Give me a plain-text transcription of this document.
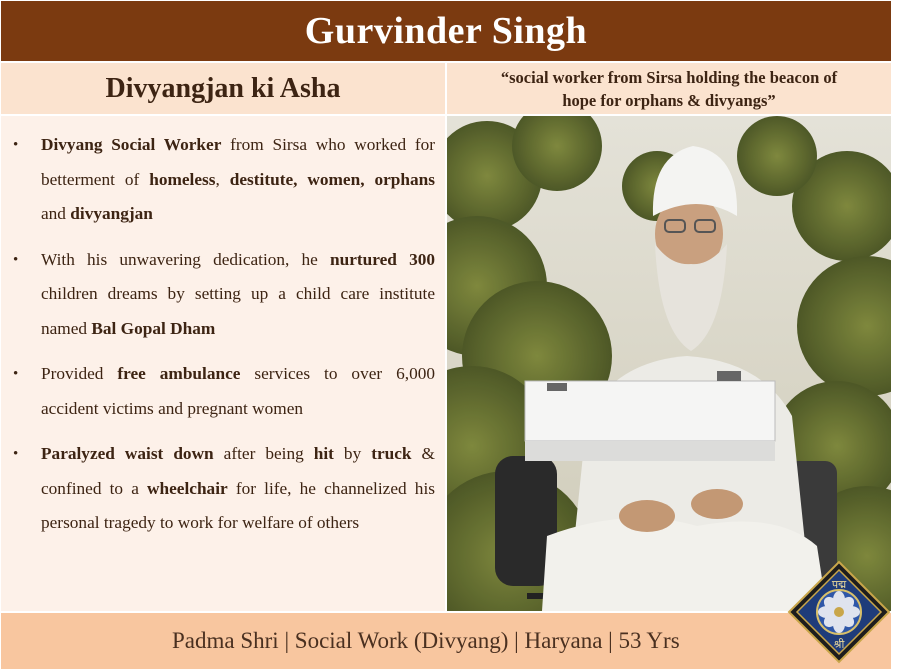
Gurvinder Singh
Divyangjan ki Asha	“social worker from Sirsa holding the beacon of
hope for orphans & divyangs”
• Divyang Social Worker from Sirsa who worked for betterment of homeless, destitute, women, orphans and divyangjan
• With his unwavering dedication, he nurtured 300 children dreams by setting up a child care institute named Bal Gopal Dham
• Provided free ambulance services to over 6,000 accident victims and pregnant women
• Paralyzed waist down after being hit by truck & confined to a wheelchair for life, he channelized his personal tragedy to work for welfare of others
Padma Shri | Social Work (Divyang) | Haryana | 53 Yrs
पद्म
श्री
